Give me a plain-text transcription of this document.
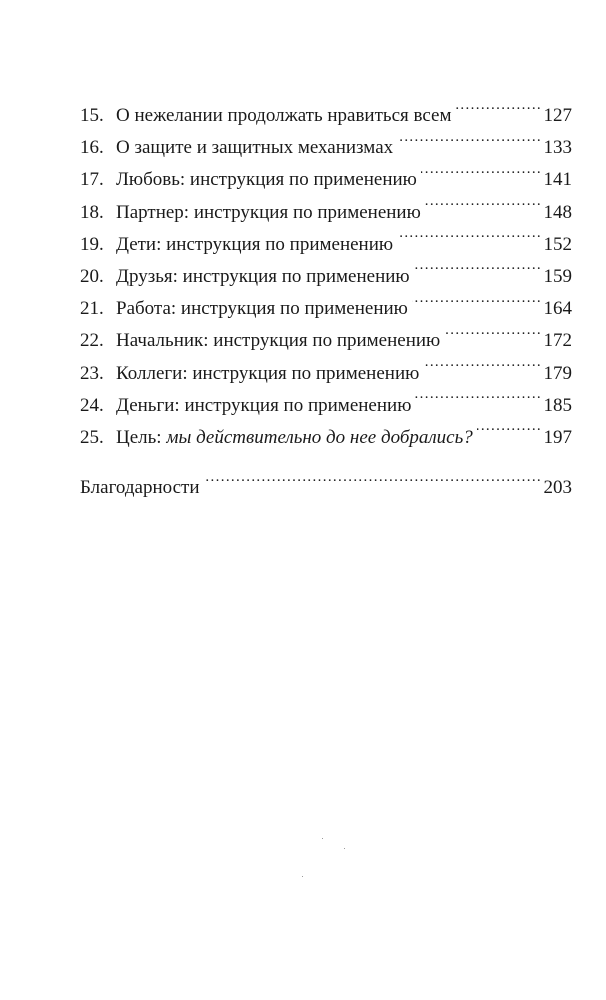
15. О нежелании продолжать нравиться всем . . .	127
16. О защите и защитных механизмах . . .	133
17. Любовь: инструкция по применению . . .	141
18. Партнер: инструкция по применению . . .	148
19. Дети: инструкция по применению . . .	152
20. Друзья: инструкция по применению . . .	159
21. Работа: инструкция по применению . . .	164
22. Начальник: инструкция по применению . . .	172
23. Коллеги: инструкция по применению . . .	179
24. Деньги: инструкция по применению . . .	185
25. Цель: мы действительно до нее добрались? . . .	197
Благодарности . . .	203
